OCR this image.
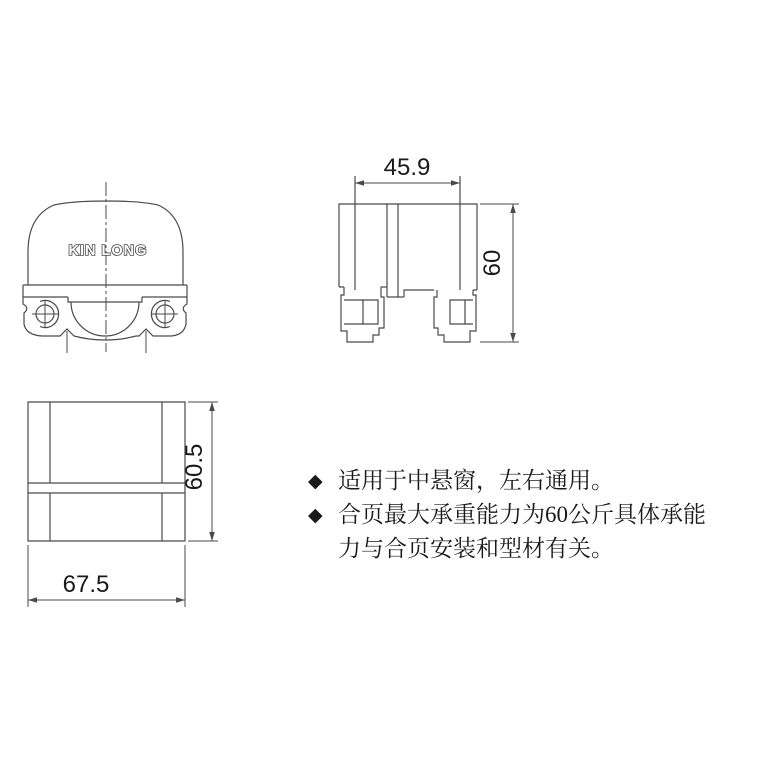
KIN LONG
45.9
60
60.5
67.5
◆ 适用于中悬窗，左右通用。
◆ 合页最大承重能力为60公斤具体承能
力与合页安装和型材有关。
